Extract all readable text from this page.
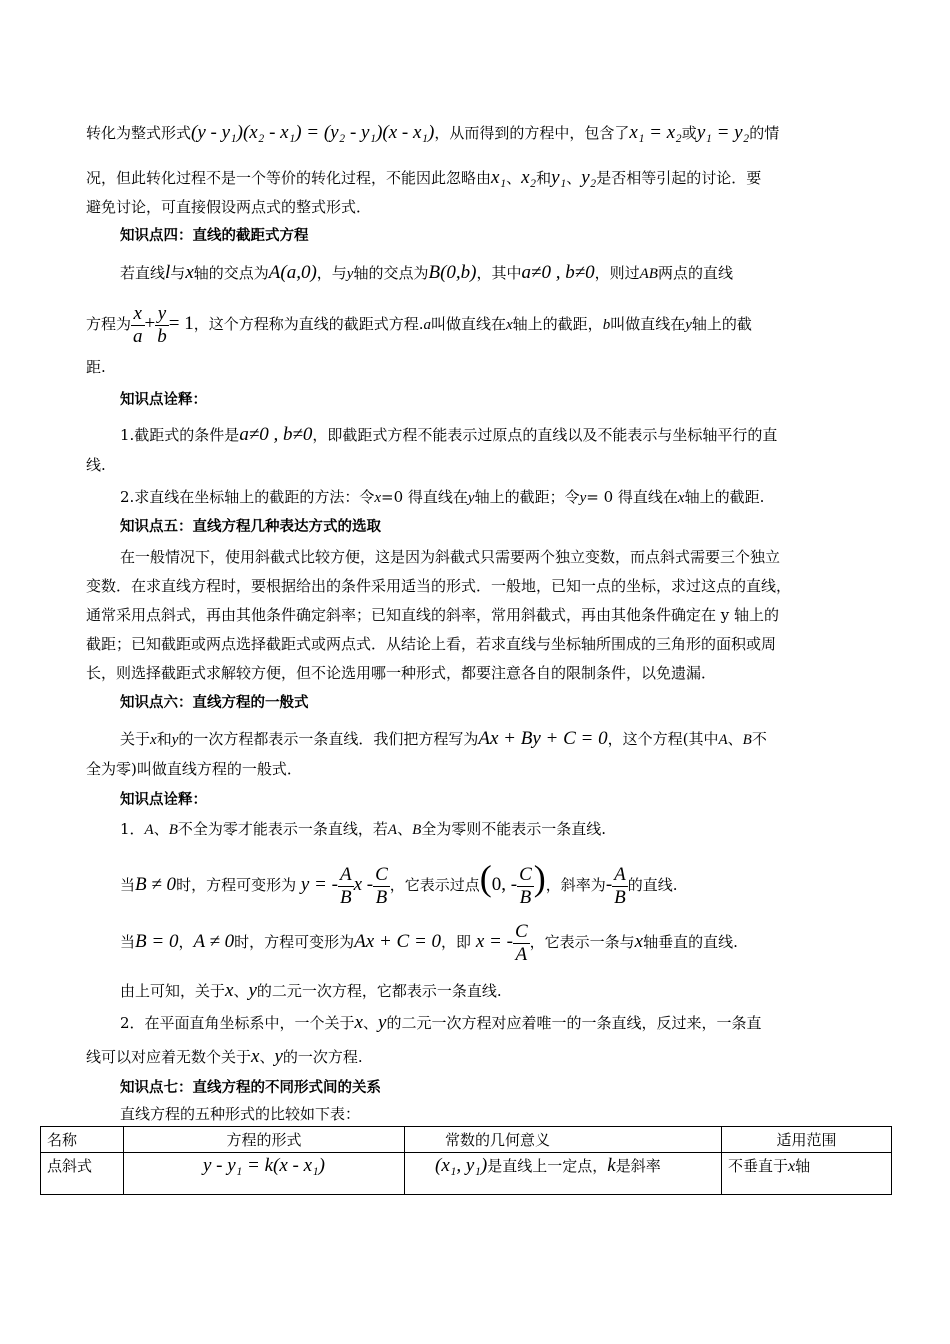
转化为整式形式(y - y₁)(x₂ - x₁) = (y₂ - y₁)(x - x₁)，从而得到的方程中，包含了x₁ = x₂或y₁ = y₂的情
况，但此转化过程不是一个等价的转化过程，不能因此忽略由x₁、x₂和y₁、y₂是否相等引起的讨论．要
避免讨论，可直接假设两点式的整式形式．
知识点四：直线的截距式方程
若直线l与x轴的交点为A(a,0)，与y轴的交点为B(0,b)，其中a≠0 , b≠0，则过AB两点的直线
方程为 $\frac{x}{a} + \frac{y}{b} = 1$，这个方程称为直线的截距式方程.a叫做直线在x轴上的截距，b叫做直线在y轴上的截
距.
知识点诠释：
1.截距式的条件是a≠0 , b≠0，即截距式方程不能表示过原点的直线以及不能表示与坐标轴平行的直
线.
2.求直线在坐标轴上的截距的方法：令x=0 得直线在y轴上的截距；令y= 0 得直线在x轴上的截距.
知识点五：直线方程几种表达方式的选取
在一般情况下，使用斜截式比较方便，这是因为斜截式只需要两个独立变数，而点斜式需要三个独立
变数．在求直线方程时，要根据给出的条件采用适当的形式．一般地，已知一点的坐标，求过这点的直线，
通常采用点斜式，再由其他条件确定斜率；已知直线的斜率，常用斜截式，再由其他条件确定在 y 轴上的
截距；已知截距或两点选择截距式或两点式．从结论上看，若求直线与坐标轴所围成的三角形的面积或周
长，则选择截距式求解较方便，但不论选用哪一种形式，都要注意各自的限制条件，以免遗漏．
知识点六：直线方程的一般式
关于x和y的一次方程都表示一条直线．我们把方程写为Ax + By + C = 0，这个方程(其中A、B不
全为零)叫做直线方程的一般式．
知识点诠释：
1．A、B不全为零才能表示一条直线，若A、B全为零则不能表示一条直线.
当B ≠ 0时，方程可变形为 y = - $\frac{A}{B}$ x - $\frac{C}{B}$ ，它表示过点(0, - $\frac{C}{B}$ )，斜率为- $\frac{A}{B}$ 的直线.
当B = 0，A ≠ 0时，方程可变形为Ax + C = 0，即 x = - $\frac{C}{A}$ ，它表示一条与x轴垂直的直线.
由上可知，关于x、y的二元一次方程，它都表示一条直线.
2．在平面直角坐标系中，一个关于x、y的二元一次方程对应着唯一的一条直线，反过来，一条直
线可以对应着无数个关于x、y的一次方程.
知识点七：直线方程的不同形式间的关系
直线方程的五种形式的比较如下表：
名称	方程的形式	常数的几何意义	适用范围
点斜式	y - y₁ = k(x - x₁)	(x₁, y₁)是直线上一定点，k是斜率	不垂直于x轴
